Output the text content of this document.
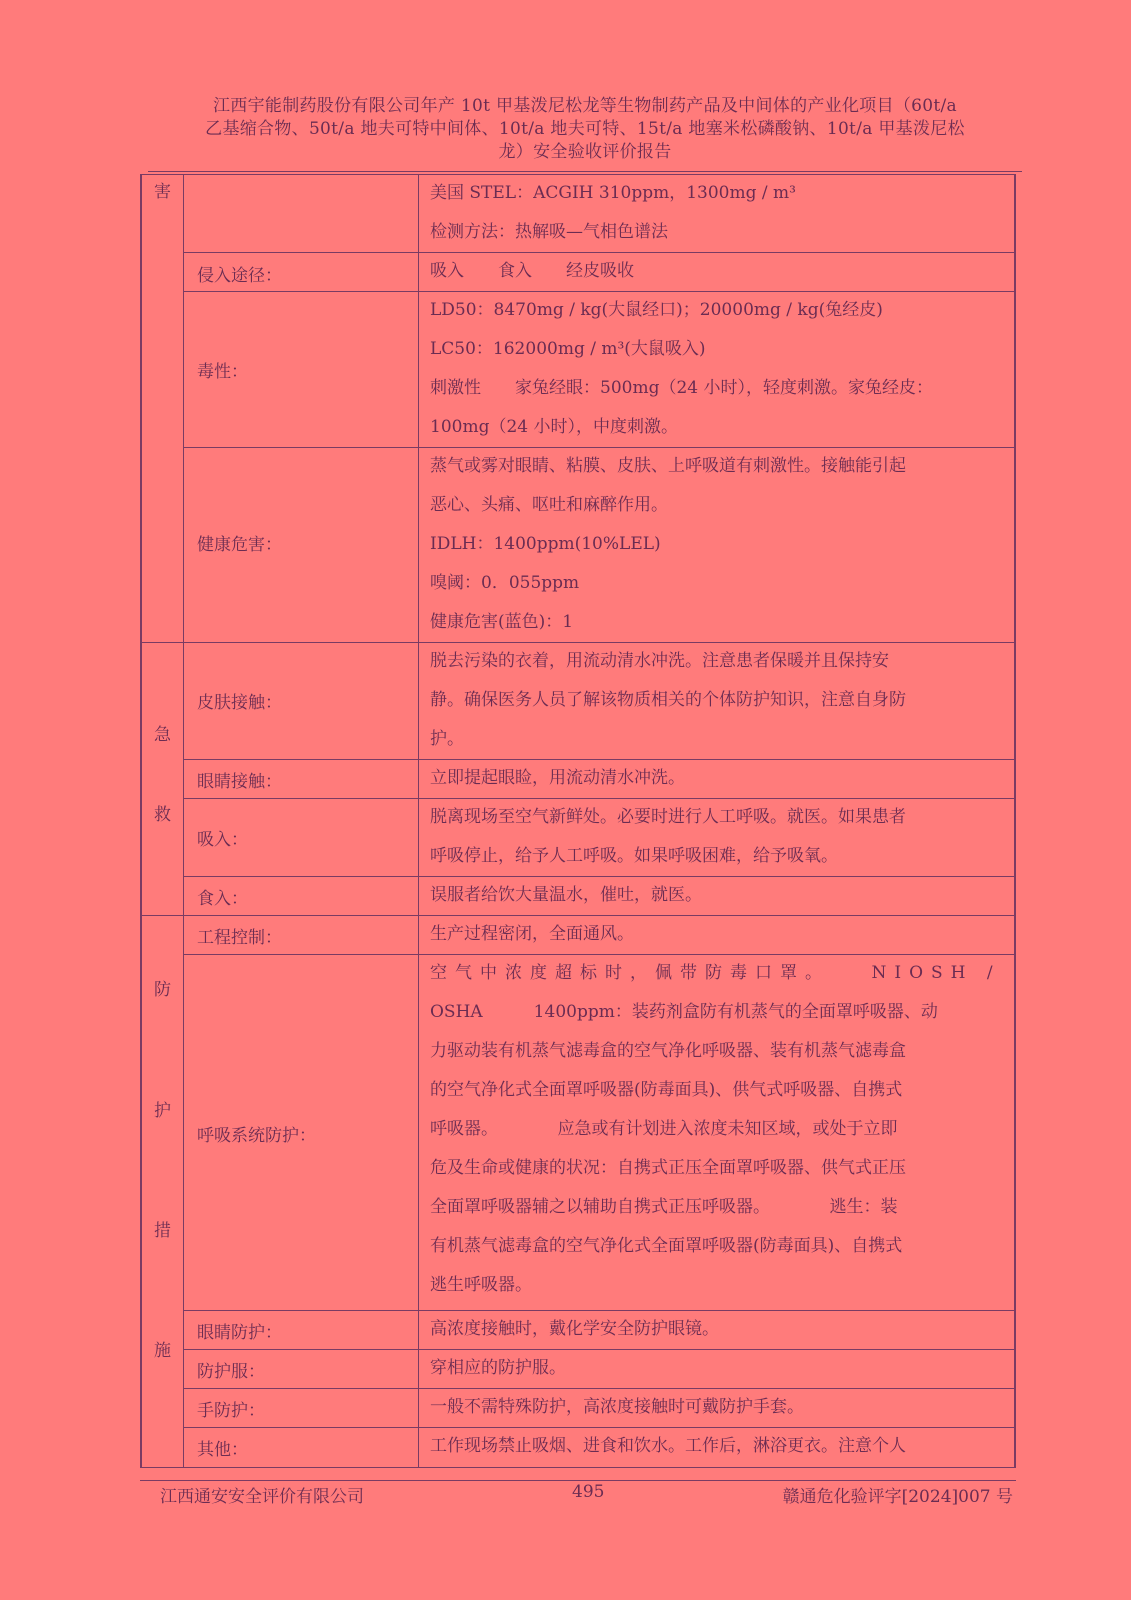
江西宇能制药股份有限公司年产 10t 甲基泼尼松龙等生物制药产品及中间体的产业化项目（60t/a
乙基缩合物、50t/a 地夫可特中间体、10t/a 地夫可特、15t/a 地塞米松磷酸钠、10t/a 甲基泼尼松
龙）安全验收评价报告
害
急
救
防
护
措
施
侵入途径：
毒性：
健康危害：
皮肤接触：
眼睛接触：
吸入：
食入：
工程控制：
呼吸系统防护：
眼睛防护：
防护服：
手防护：
其他：
美国 STEL：ACGIH 310ppm，1300mg / m³
检测方法：热解吸—气相色谱法
吸入　　食入　　经皮吸收
LD50：8470mg / kg(大鼠经口)；20000mg / kg(兔经皮)
LC50：162000mg / m³(大鼠吸入)
刺激性　　家兔经眼：500mg（24 小时），轻度刺激。家兔经皮：
100mg（24 小时），中度刺激。
蒸气或雾对眼睛、粘膜、皮肤、上呼吸道有刺激性。接触能引起
恶心、头痛、呕吐和麻醉作用。
IDLH：1400ppm(10%LEL)
嗅阈：0．055ppm
健康危害(蓝色)：1
脱去污染的衣着，用流动清水冲洗。注意患者保暖并且保持安
静。确保医务人员了解该物质相关的个体防护知识，注意自身防
护。
立即提起眼睑，用流动清水冲洗。
脱离现场至空气新鲜处。必要时进行人工呼吸。就医。如果患者
呼吸停止，给予人工呼吸。如果呼吸困难，给予吸氧。
误服者给饮大量温水，催吐，就医。
生产过程密闭，全面通风。
空气中浓度超标时，佩带防毒口罩。　　NIOSH /
OSHA　　　1400ppm：装药剂盒防有机蒸气的全面罩呼吸器、动
力驱动装有机蒸气滤毒盒的空气净化呼吸器、装有机蒸气滤毒盒
的空气净化式全面罩呼吸器(防毒面具)、供气式呼吸器、自携式
呼吸器。　　　　应急或有计划进入浓度未知区域，或处于立即
危及生命或健康的状况：自携式正压全面罩呼吸器、供气式正压
全面罩呼吸器辅之以辅助自携式正压呼吸器。　　　　逃生：装
有机蒸气滤毒盒的空气净化式全面罩呼吸器(防毒面具)、自携式
逃生呼吸器。
高浓度接触时，戴化学安全防护眼镜。
穿相应的防护服。
一般不需特殊防护，高浓度接触时可戴防护手套。
工作现场禁止吸烟、进食和饮水。工作后，淋浴更衣。注意个人
江西通安安全评价有限公司	495	赣通危化验评字[2024]007 号
